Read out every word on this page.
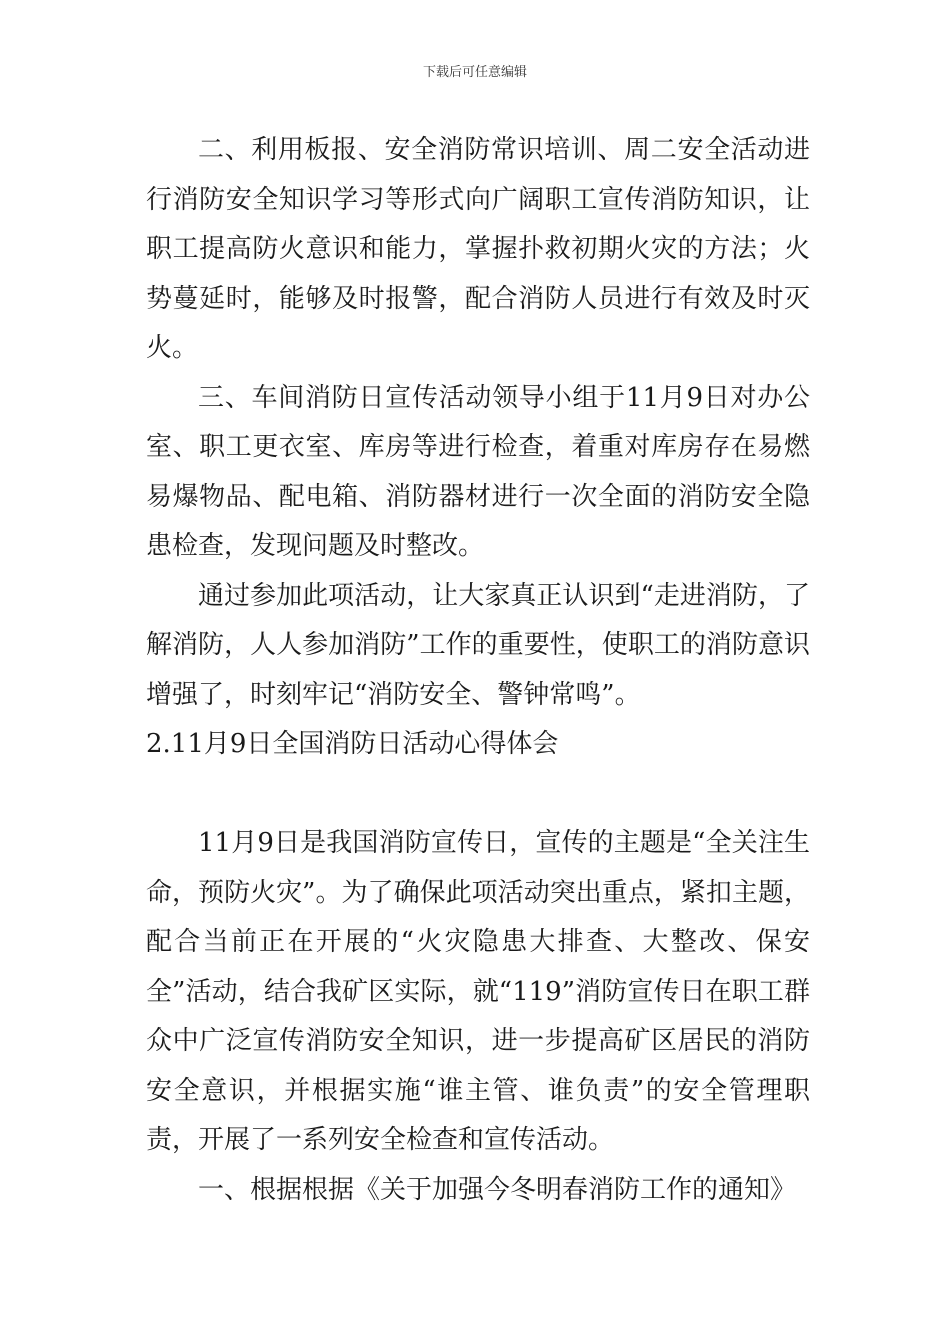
下载后可任意编辑

二、利用板报、安全消防常识培训、周二安全活动进行消防安全知识学习等形式向广阔职工宣传消防知识，让职工提高防火意识和能力，掌握扑救初期火灾的方法；火势蔓延时，能够及时报警，配合消防人员进行有效及时灭火。

三、车间消防日宣传活动领导小组于11月9日对办公室、职工更衣室、库房等进行检查，着重对库房存在易燃易爆物品、配电箱、消防器材进行一次全面的消防安全隐患检查，发现问题及时整改。

通过参加此项活动，让大家真正认识到“走进消防，了解消防，人人参加消防”工作的重要性，使职工的消防意识增强了，时刻牢记“消防安全、警钟常鸣”。

2.11月9日全国消防日活动心得体会

11月9日是我国消防宣传日，宣传的主题是“全关注生命，预防火灾”。为了确保此项活动突出重点，紧扣主题，配合当前正在开展的“火灾隐患大排查、大整改、保安全”活动，结合我矿区实际，就“119”消防宣传日在职工群众中广泛宣传消防安全知识，进一步提高矿区居民的消防安全意识，并根据实施“谁主管、谁负责”的安全管理职责，开展了一系列安全检查和宣传活动。

一、根据根据《关于加强今冬明春消防工作的通知》
